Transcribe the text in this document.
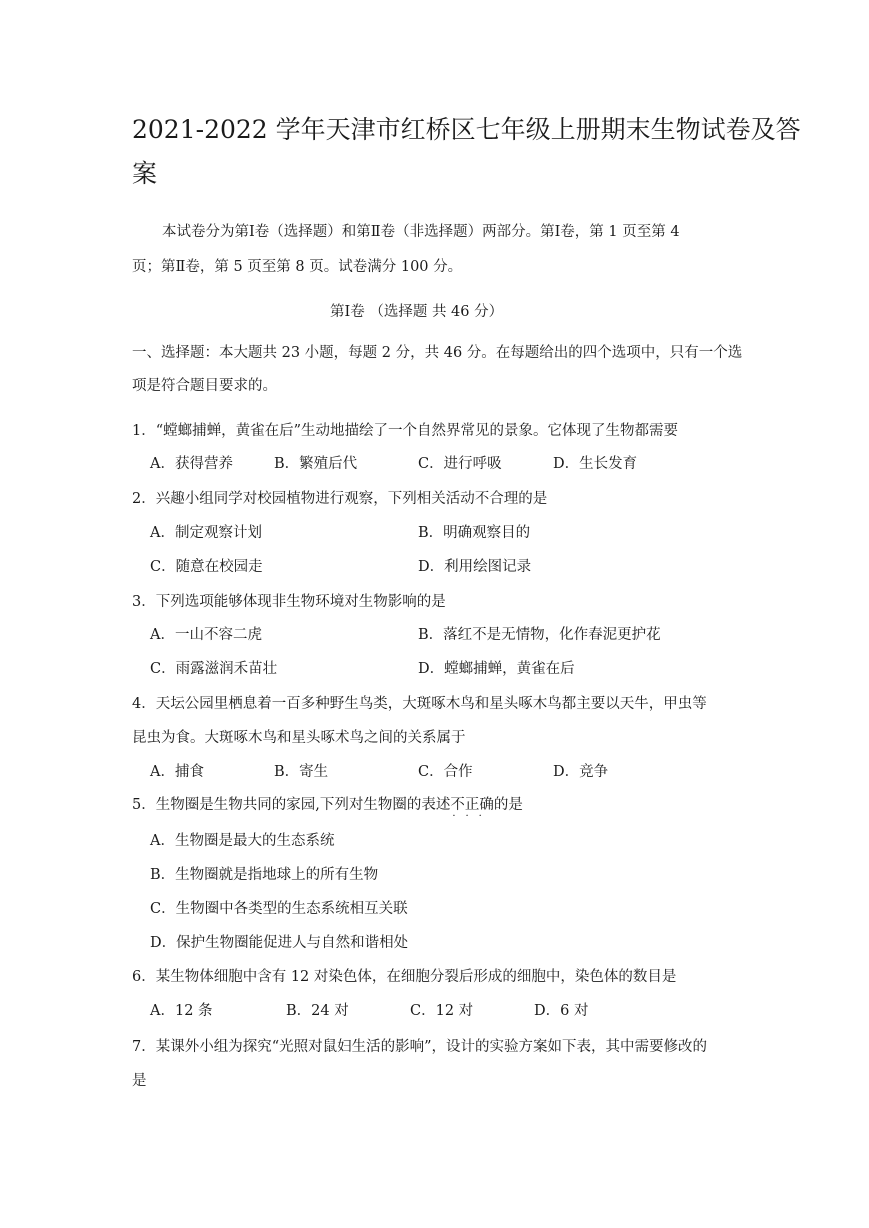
2021-2022 学年天津市红桥区七年级上册期末生物试卷及答
案
本试卷分为第Ⅰ卷（选择题）和第Ⅱ卷（非选择题）两部分。第Ⅰ卷，第 1 页至第 4
页；第Ⅱ卷，第 5 页至第 8 页。试卷满分 100 分。
第Ⅰ卷 （选择题 共 46 分）
一、选择题：本大题共 23 小题，每题 2 分，共 46 分。在每题给出的四个选项中，只有一个选
项是符合题目要求的。
1．“螳螂捕蝉，黄雀在后”生动地描绘了一个自然界常见的景象。它体现了生物都需要
A．获得营养	B．繁殖后代	C．进行呼吸	D．生长发育
2．兴趣小组同学对校园植物进行观察，下列相关活动不合理的是
A．制定观察计划	B．明确观察目的
C．随意在校园走	D．利用绘图记录
3．下列选项能够体现非生物环境对生物影响的是
A．一山不容二虎	B．落红不是无情物，化作春泥更护花
C．雨露滋润禾苗壮	D．螳螂捕蝉，黄雀在后
4．天坛公园里栖息着一百多种野生鸟类，大斑啄木鸟和星头啄木鸟都主要以天牛，甲虫等
昆虫为食。大斑啄木鸟和星头啄术鸟之间的关系属于
A．捕食	B．寄生	C．合作	D．竞争
5．生物圈是生物共同的家园,下列对生物圈的表述不正确
···
的是
A．生物圈是最大的生态系统
B．生物圈就是指地球上的所有生物
C．生物圈中各类型的生态系统相互关联
D．保护生物圈能促进人与自然和谐相处
6．某生物体细胞中含有 12 对染色体，在细胞分裂后形成的细胞中，染色体的数目是
A．12 条	B．24 对	C．12 对	D．6 对
7．某课外小组为探究“光照对鼠妇生活的影响”，设计的实验方案如下表，其中需要修改的
是
